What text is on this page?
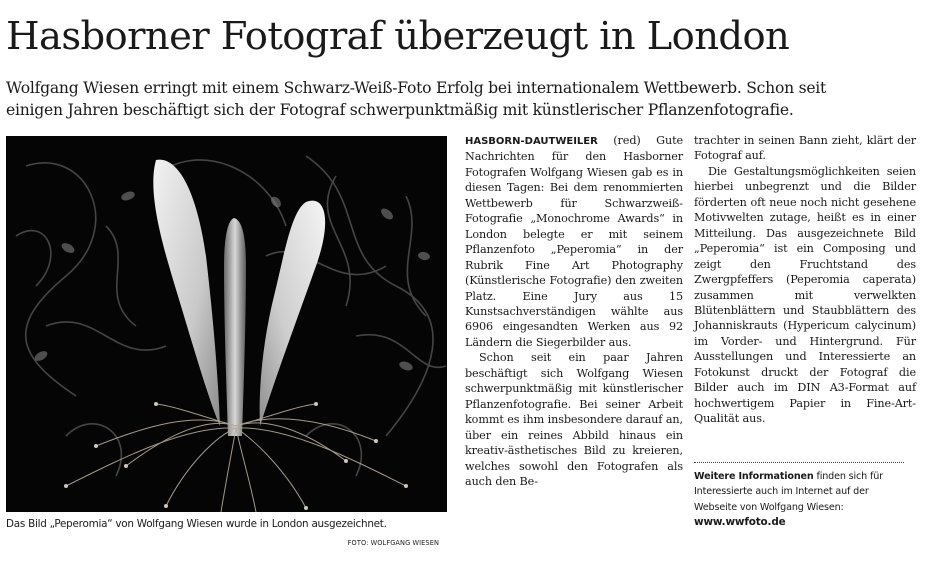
Hasborner Fotograf überzeugt in London
Wolfgang Wiesen erringt mit einem Schwarz-Weiß-Foto Erfolg bei internationalem Wettbewerb. Schon seit
einigen Jahren beschäftigt sich der Fotograf schwerpunktmäßig mit künstlerischer Pflanzenfotografie.
Das Bild „Peperomia“ von Wolfgang Wiesen wurde in London ausgezeichnet.
FOTO: WOLFGANG WIESEN

HASBORN-DAUTWEILER (red) Gute Nachrichten für den Hasborner Fotografen Wolfgang Wiesen gab es in diesen Tagen: Bei dem renommierten Wettbewerb für Schwarzweiß-Fotografie „Monochrome Awards“ in London belegte er mit seinem Pflanzenfoto „Peperomia“ in der Rubrik Fine Art Photography (Künstlerische Fotografie) den zweiten Platz. Eine Jury aus 15 Kunstsachverständigen wählte aus 6906 eingesandten Werken aus 92 Ländern die Siegerbilder aus.

Schon seit ein paar Jahren beschäftigt sich Wolfgang Wiesen schwerpunktmäßig mit künstlerischer Pflanzenfotografie. Bei seiner Arbeit kommt es ihm insbesondere darauf an, über ein reines Abbild hinaus ein kreativ-ästhetisches Bild zu kreieren, welches sowohl den Fotografen als auch den Be-

trachter in seinen Bann zieht, klärt der Fotograf auf.

Die Gestaltungsmöglichkeiten seien hierbei unbegrenzt und die Bilder förderten oft neue noch nicht gesehene Motivwelten zutage, heißt es in einer Mitteilung. Das ausgezeichnete Bild „Peperomia“ ist ein Composing und zeigt den Fruchtstand des Zwergpfeffers (Peperomia caperata) zusammen mit verwelkten Blütenblättern und Staubblättern des Johanniskrauts (Hypericum calycinum) im Vorder- und Hintergrund. Für Ausstellungen und Interessierte an Fotokunst druckt der Fotograf die Bilder auch im DIN A3-Format auf hochwertigem Papier in Fine-Art-Qualität aus.

Weitere Informationen finden sich für Interessierte auch im Internet auf der Webseite von Wolfgang Wiesen:
www.wwfoto.de
